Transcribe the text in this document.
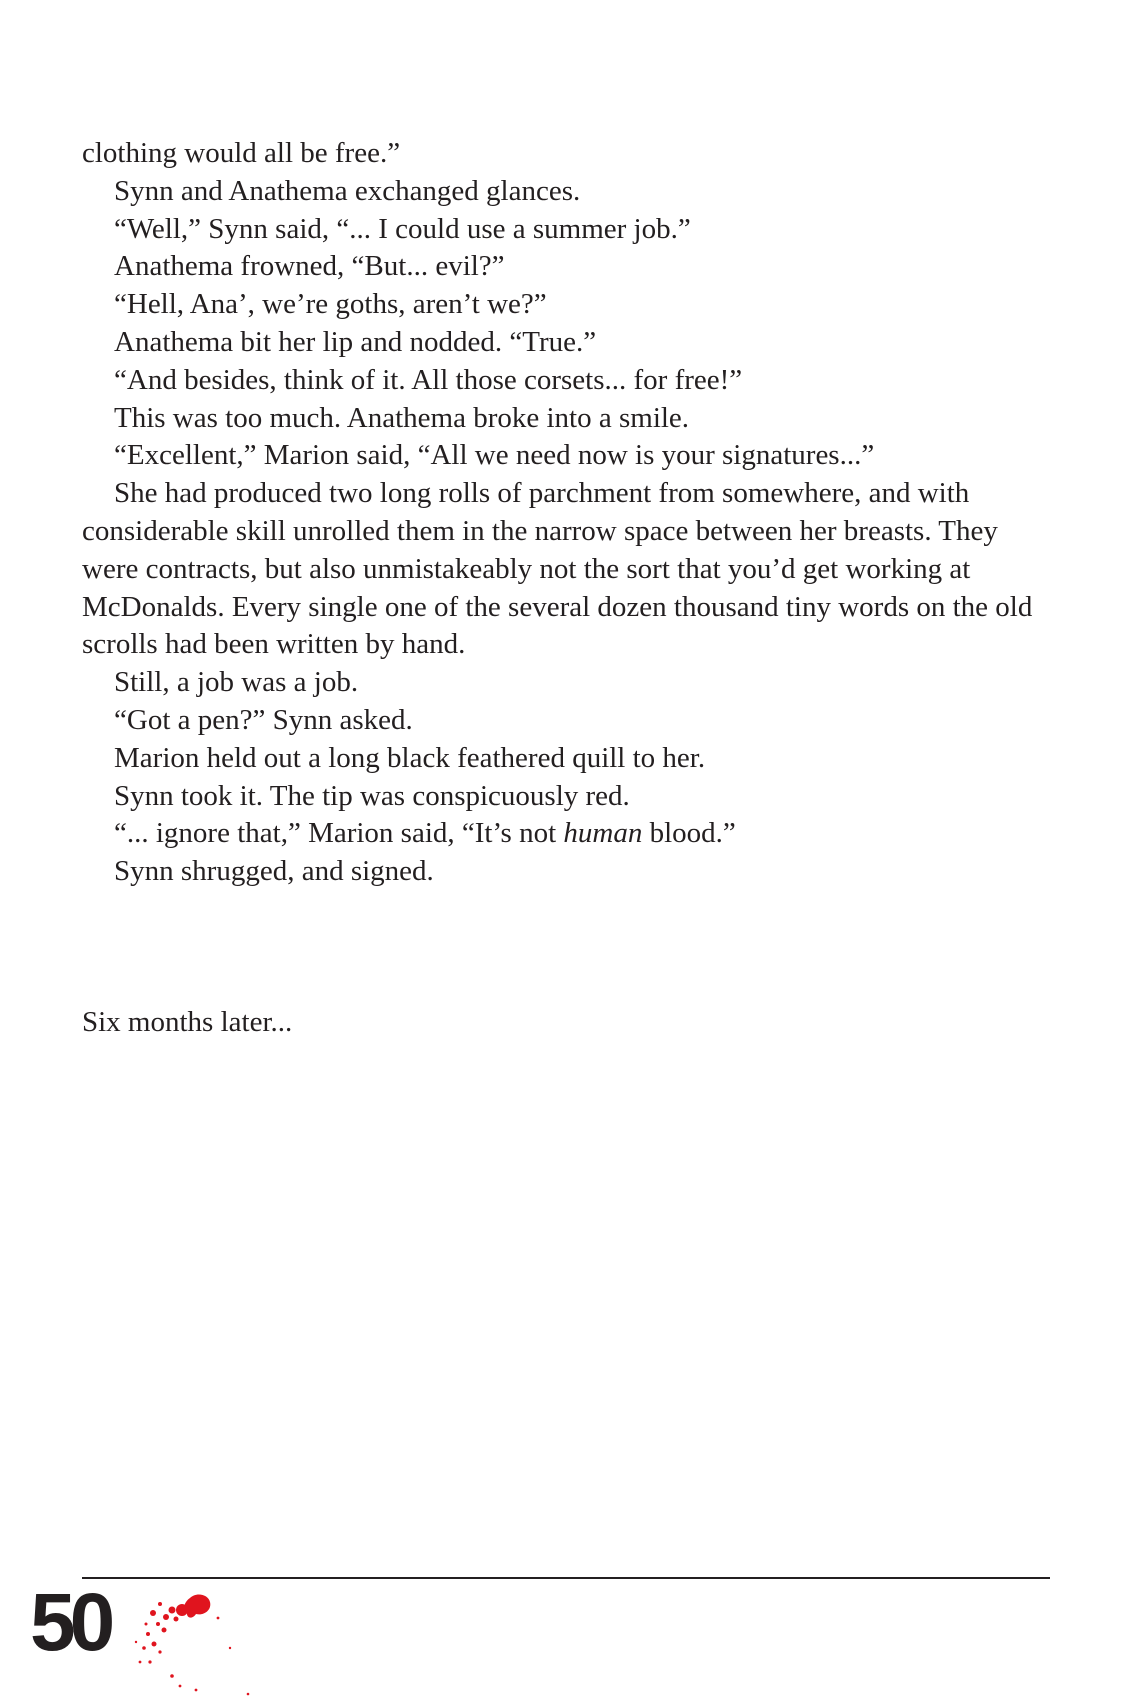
clothing would all be free.”

Synn and Anathema exchanged glances.

“Well,” Synn said, “... I could use a summer job.”

Anathema frowned, “But... evil?”

“Hell, Ana’, we’re goths, aren’t we?”

Anathema bit her lip and nodded. “True.”

“And besides, think of it. All those corsets... for free!”

This was too much. Anathema broke into a smile.

“Excellent,” Marion said, “All we need now is your signatures...”

She had produced two long rolls of parchment from somewhere, and with considerable skill unrolled them in the narrow space between her breasts. They were contracts, but also unmistakeably not the sort that you’d get working at McDonalds. Every single one of the several dozen thousand tiny words on the old scrolls had been written by hand.

Still, a job was a job.

“Got a pen?” Synn asked.

Marion held out a long black feathered quill to her.

Synn took it. The tip was conspicuously red.

“... ignore that,” Marion said, “It’s not human blood.”

Synn shrugged, and signed.

Six months later...
50
